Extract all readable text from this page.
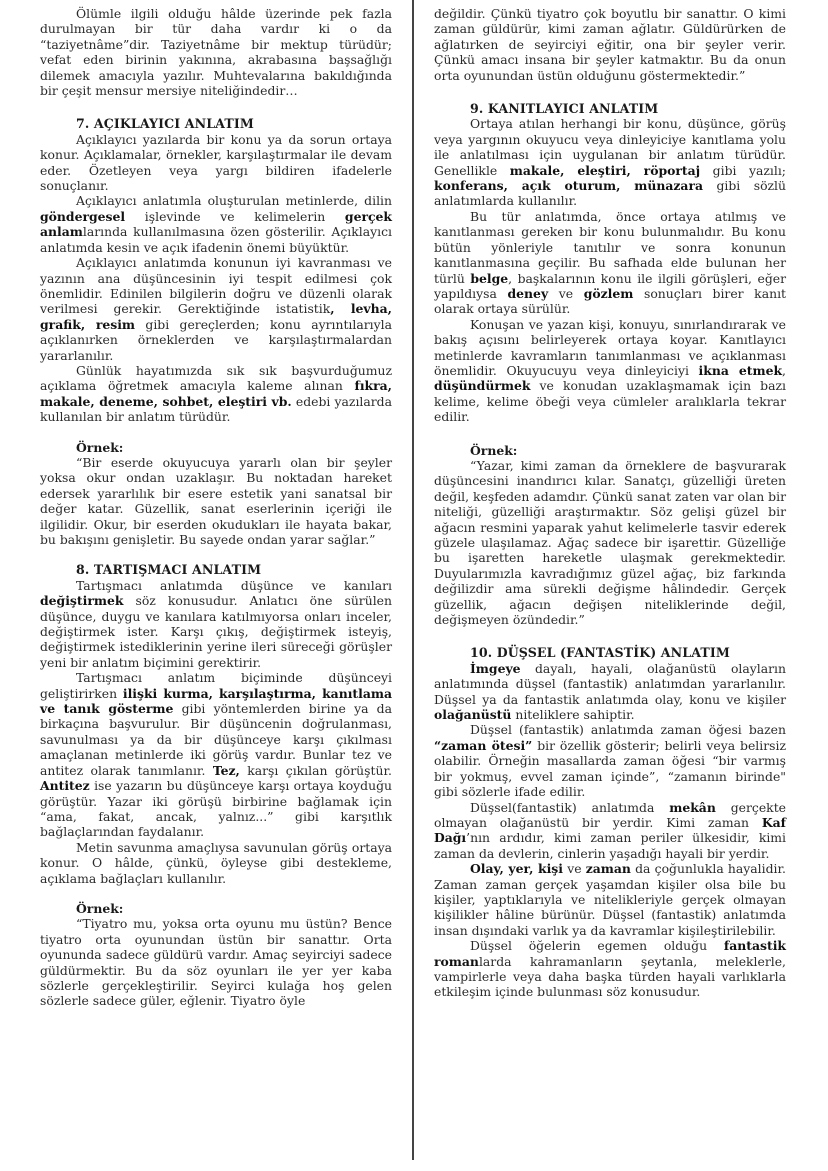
Ölümle ilgili olduğu hâlde üzerinde pek fazla durulmayan bir tür daha vardır ki o da “taziyetnâme”dir. Taziyetnâme bir mektup türüdür; vefat eden birinin yakınına, akrabasına başsağlığı dilemek amacıyla yazılır. Muhtevalarına bakıldığında bir çeşit mensur mersiye niteliğindedir…

7. AÇIKLAYICI ANLATIM

Açıklayıcı yazılarda bir konu ya da sorun ortaya konur. Açıklamalar, örnekler, karşılaştırmalar ile devam eder. Özetleyen veya yargı bildiren ifadelerle sonuçlanır.

Açıklayıcı anlatımla oluşturulan metinlerde, dilin göndergesel işlevinde ve kelimelerin gerçek anlamlarında kullanılmasına özen gösterilir. Açıklayıcı anlatımda kesin ve açık ifadenin önemi büyüktür.

Açıklayıcı anlatımda konunun iyi kavranması ve yazının ana düşüncesinin iyi tespit edilmesi çok önemlidir. Edinilen bilgilerin doğru ve düzenli olarak verilmesi gerekir. Gerektiğinde istatistik, levha, grafik, resim gibi gereçlerden; konu ayrıntılarıyla açıklanırken örneklerden ve karşılaştırmalardan yararlanılır.

Günlük hayatımızda sık sık başvurduğumuz açıklama öğretmek amacıyla kaleme alınan fıkra, makale, deneme, sohbet, eleştiri vb. edebi yazılarda kullanılan bir anlatım türüdür.

Örnek:

“Bir eserde okuyucuya yararlı olan bir şeyler yoksa okur ondan uzaklaşır. Bu noktadan hareket edersek yararlılık bir esere estetik yani sanatsal bir değer katar. Güzellik, sanat eserlerinin içeriği ile ilgilidir. Okur, bir eserden okudukları ile hayata bakar, bu bakışını genişletir. Bu sayede ondan yarar sağlar.”

8. TARTIŞMACI ANLATIM

Tartışmacı anlatımda düşünce ve kanıları değiştirmek söz konusudur. Anlatıcı öne sürülen düşünce, duygu ve kanılara katılmıyorsa onları inceler, değiştirmek ister. Karşı çıkış, değiştirmek isteyiş, değiştirmek istediklerinin yerine ileri süreceği görüşler yeni bir anlatım biçimini gerektirir.

Tartışmacı anlatım biçiminde düşünceyi geliştirirken ilişki kurma, karşılaştırma, kanıtlama ve tanık gösterme gibi yöntemlerden birine ya da birkaçına başvurulur. Bir düşüncenin doğrulanması, savunulması ya da bir düşünceye karşı çıkılması amaçlanan metinlerde iki görüş vardır. Bunlar tez ve antitez olarak tanımlanır. Tez, karşı çıkılan görüştür. Antitez ise yazarın bu düşünceye karşı ortaya koyduğu görüştür. Yazar iki görüşü birbirine bağlamak için “ama, fakat, ancak, yalnız...” gibi karşıtlık bağlaçlarından faydalanır.

Metin savunma amaçlıysa savunulan görüş ortaya konur. O hâlde, çünkü, öyleyse gibi destekleme, açıklama bağlaçları kullanılır.

Örnek:

“Tiyatro mu, yoksa orta oyunu mu üstün? Bence tiyatro orta oyunundan üstün bir sanattır. Orta oyununda sadece güldürü vardır. Amaç seyirciyi sadece güldürmektir. Bu da söz oyunları ile yer yer kaba sözlerle gerçekleştirilir. Seyirci kulağa hoş gelen sözlerle sadece güler, eğlenir. Tiyatro öyle

değildir. Çünkü tiyatro çok boyutlu bir sanattır. O kimi zaman güldürür, kimi zaman ağlatır. Güldürürken de ağlatırken de seyirciyi eğitir, ona bir şeyler verir. Çünkü amacı insana bir şeyler katmaktır. Bu da onun orta oyunundan üstün olduğunu göstermektedir.”

9. KANITLAYICI ANLATIM

Ortaya atılan herhangi bir konu, düşünce, görüş veya yargının okuyucu veya dinleyiciye kanıtlama yolu ile anlatılması için uygulanan bir anlatım türüdür. Genellikle makale, eleştiri, röportaj gibi yazılı; konferans, açık oturum, münazara gibi sözlü anlatımlarda kullanılır.

Bu tür anlatımda, önce ortaya atılmış ve kanıtlanması gereken bir konu bulunmalıdır. Bu konu bütün yönleriyle tanıtılır ve sonra konunun kanıtlanmasına geçilir. Bu safhada elde bulunan her türlü belge, başkalarının konu ile ilgili görüşleri, eğer yapıldıysa deney ve gözlem sonuçları birer kanıt olarak ortaya sürülür.

Konuşan ve yazan kişi, konuyu, sınırlandırarak ve bakış açısını belirleyerek ortaya koyar. Kanıtlayıcı metinlerde kavramların tanımlanması ve açıklanması önemlidir. Okuyucuyu veya dinleyiciyi ikna etmek, düşündürmek ve konudan uzaklaşmamak için bazı kelime, kelime öbeği veya cümleler aralıklarla tekrar edilir.

Örnek:

“Yazar, kimi zaman da örneklere de başvurarak düşüncesini inandırıcı kılar. Sanatçı, güzelliği üreten değil, keşfeden adamdır. Çünkü sanat zaten var olan bir niteliği, güzelliği araştırmaktır. Söz gelişi güzel bir ağacın resmini yaparak yahut kelimelerle tasvir ederek güzele ulaşılamaz. Ağaç sadece bir işarettir. Güzelliğe bu işaretten hareketle ulaşmak gerekmektedir. Duyularımızla kavradığımız güzel ağaç, biz farkında değilizdir ama sürekli değişme hâlindedir. Gerçek güzellik, ağacın değişen niteliklerinde değil, değişmeyen özündedir.”

10. DÜŞSEL (FANTASTİK) ANLATIM

İmgeye dayalı, hayali, olağanüstü olayların anlatımında düşsel (fantastik) anlatımdan yararlanılır. Düşsel ya da fantastik anlatımda olay, konu ve kişiler olağanüstü niteliklere sahiptir.

Düşsel (fantastik) anlatımda zaman öğesi bazen “zaman ötesi” bir özellik gösterir; belirli veya belirsiz olabilir. Örneğin masallarda zaman öğesi “bir varmış bir yokmuş, evvel zaman içinde”, “zamanın birinde" gibi sözlerle ifade edilir.

Düşsel(fantastik) anlatımda mekân gerçekte olmayan olağanüstü bir yerdir. Kimi zaman Kaf Dağı’nın ardıdır, kimi zaman periler ülkesidir, kimi zaman da devlerin, cinlerin yaşadığı hayali bir yerdir.

Olay, yer, kişi ve zaman da çoğunlukla hayalidir. Zaman zaman gerçek yaşamdan kişiler olsa bile bu kişiler, yaptıklarıyla ve nitelikleriyle gerçek olmayan kişilikler hâline bürünür. Düşsel (fantastik) anlatımda insan dışındaki varlık ya da kavramlar kişileştirilebilir.

Düşsel öğelerin egemen olduğu fantastik romanlarda kahramanların şeytanla, meleklerle, vampirlerle veya daha başka türden hayali varlıklarla etkileşim içinde bulunması söz konusudur.
